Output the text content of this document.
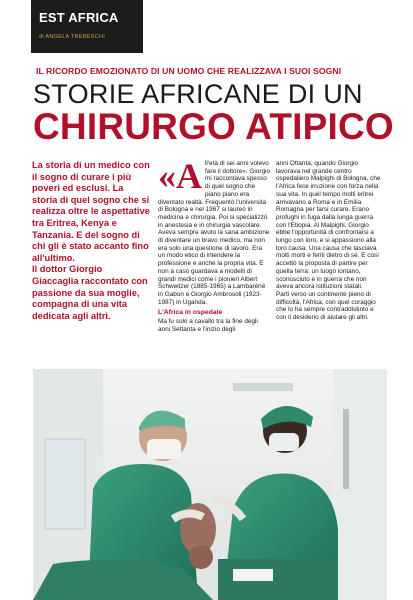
EST AFRICA
di ANGELA TREBESCHI
IL RICORDO EMOZIONATO DI UN UOMO CHE REALIZZAVA I SUOI SOGNI
STORIE AFRICANE DI UN
CHIRURGO ATIPICO

La storia di un medico con il sogno di curare i più poveri ed esclusi. La storia di quel sogno che si realizza oltre le aspettative tra Eritrea, Kenya e Tanzania. E del sogno di chi gli è stato accanto fino all'ultimo.

Il dottor Giorgio Giaccaglia raccontato con passione da sua moglie, compagna di una vita dedicata agli altri.

«A ll'età di sei anni volevo fare il dottore». Giorgio mi raccontava spesso di quel sogno che piano piano era diventato realtà. Frequentò l'università di Bologna e nel 1967 si laureò in medicina e chirurgia. Poi si specializzò in anestesia e in chirurgia vascolare. Aveva sempre avuto la sana ambizione di diventare un bravo medico, ma non era solo una questione di lavoro. Era un modo etico di intendere la professione e anche la propria vita. E non a caso guardava a modelli di grandi medici come i pionieri Albert Schweitzer (1885-1965) a Lambaréné in Gabon e Giorgio Ambrosoli (1923-1987) in Uganda.
L'Africa in ospedale
Ma fu solo a cavallo tra la fine degli anni Settanta e l'inizio degli
anni Ottanta, quando Giorgio lavorava nel grande centro ospedaliero Malpighi di Bologna, che l'Africa fece irruzione con forza nella sua vita. In quel tempo molti eritrei arrivavano a Roma e in Emilia Romagna per farsi curare. Erano profughi in fuga dalla lunga guerra con l'Etiopia. Al Malpighi, Giorgio ebbe l'opportunità di confrontarsi a lungo con loro, e si appassionò alla loro causa. Una causa che lasciava molti morti e feriti dietro di sé. E così accettò la proposta di partire per quella terra: un luogo lontano, sconosciuto e in guerra che non aveva ancora istituzioni statali.
Parti verso un continente pieno di difficoltà, l'Africa, con quel coraggio che lo ha sempre contraddistinto e con il desiderio di aiutare gli altri.
